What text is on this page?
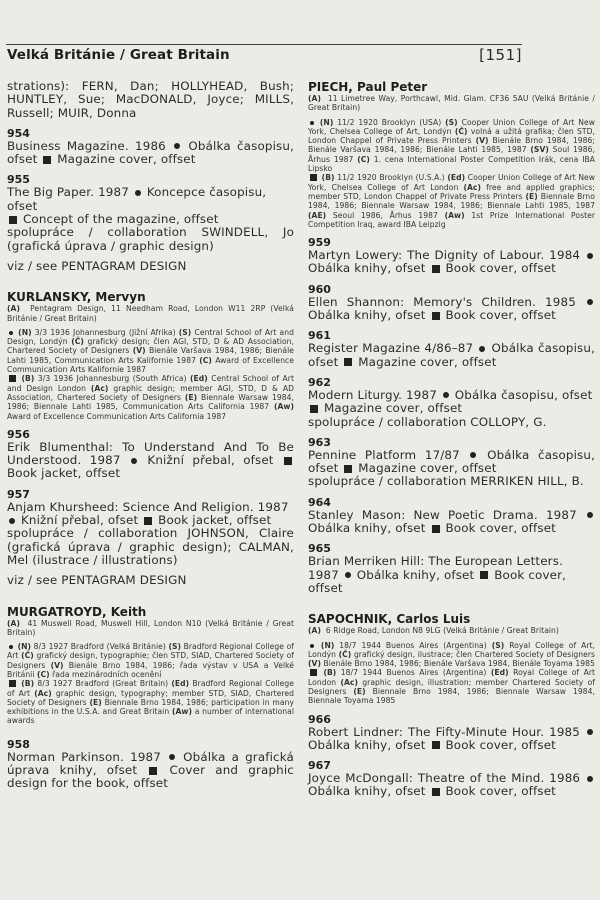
Velká Británie / Great Britain	[151]
strations): FERN, Dan; HOLLYHEAD, Bush; HUNTLEY, Sue; MacDONALD, Joyce; MILLS, Russell; MUIR, Donna
954
Business Magazine. 1986 Obálka časopisu, ofset Magazine cover, offset
955
The Big Paper. 1987 Koncepce časopisu, ofset
Concept of the magazine, offset
spolupráce / collaboration SWINDELL, Jo (grafická úprava / graphic design)
viz / see PENTAGRAM DESIGN
KURLANSKY, Mervyn
(A) Pentagram Design, 11 Needham Road, London W11 2RP (Velká Británie / Great Britain)
(N) 3/3 1936 Johannesburg (Jižní Afrika) (S) Central School of Art and Design, Londýn (Č) grafický design; člen AGI, STD, D & AD Association, Chartered Society of Designers (V) Bienále Varšava 1984, 1986; Bienále Lahti 1985, Communication Arts Kalifornie 1987 (C) Award of Excellence Communication Arts Kalifornie 1987
(B) 3/3 1936 Johannesburg (South Africa) (Ed) Central School of Art and Design London (Ac) graphic design; member AGI, STD, D & AD Association, Chartered Society of Designers (E) Biennale Warsaw 1984, 1986; Biennale Lahti 1985, Communication Arts California 1987 (Aw) Award of Excellence Communication Arts California 1987
956
Erik Blumenthal: To Understand And To Be Understood. 1987 Knižní přebal, ofset  Book jacket, offset
957
Anjam Khursheed: Science And Religion. 1987  Knižní přebal, ofset Book jacket, offset
spolupráce / collaboration JOHNSON, Claire (grafická úprava / graphic design); CALMAN, Mel (ilustrace / illustrations)
viz / see PENTAGRAM DESIGN
MURGATROYD, Keith
(A) 41 Muswell Road, Muswell Hill, London N10 (Velká Británie / Great Britain)
(N) 8/3 1927 Bradford (Velká Británie) (S) Bradford Regional College of Art (Č) grafický design, typographie; člen STD, SIAD, Chartered Society of Designers (V) Bienále Brno 1984, 1986; řada výstav v USA a Velké Británii (C) řada mezinárodních ocenění
(B) 8/3 1927 Bradford (Great Britain) (Ed) Bradford Regional College of Art (Ac) graphic design, typography; member STD, SIAD, Chartered Society of Designers (E) Biennale Brno 1984, 1986; participation in many exhibitions in the U.S.A. and Great Britain (Aw) a number of international awards
958
Norman Parkinson. 1987 Obálka a grafická úprava knihy, ofset	Cover and graphic design for the book, offset
PIECH, Paul Peter
(A) 11 Limetree Way, Porthcawl, Mid. Glam. CF36 5AU (Velká Británie / Great Britain)
(N) 11/2 1920 Brooklyn (USA) (S) Cooper Union College of Art New York, Chelsea College of Art, Londýn (Č) volná a užitá grafika; člen STD, London Chappel of Private Press Printers (V) Bienále Brno 1984, 1986; Bienále Varšava 1984, 1986; Bienále Lahti 1985, 1987 (SV) Soul 1986, Århus 1987 (C) 1. cena International Poster Competition Irák, cena IBA Lipsko
(B) 11/2 1920 Brooklyn (U.S.A.) (Ed) Cooper Union College of Art New York, Chelsea College of Art London (Ac) free and applied graphics; member STD, London Chappel of Private Press Printers (E) Biennale Brno 1984, 1986; Biennale Warsaw 1984, 1986; Biennale Lahti 1985, 1987 (AE) Seoul 1986, Århus 1987 (Aw) 1st Prize International Poster Competition Iraq, award IBA Leipzig
959
Martyn Lowery: The Dignity of Labour. 1984  Obálka knihy, ofset Book cover, offset
960
Ellen Shannon: Memory's Children. 1985  Obálka knihy, ofset Book cover, offset
961
Register Magazine 4/86–87 Obálka časopisu, ofset Magazine cover, offset
962
Modern Liturgy. 1987 Obálka časopisu, ofset
Magazine cover, offset
spolupráce / collaboration COLLOPY, G.
963
Pennine Platform 17/87 Obálka časopisu, ofset Magazine cover, offset
spolupráce / collaboration MERRIKEN HILL, B.
964
Stanley Mason: New Poetic Drama. 1987  Obálka knihy, ofset Book cover, offset
965
Brian Merriken Hill: The European Letters. 1987 Obálka knihy, ofset Book cover, offset
SAPOCHNIK, Carlos Luis
(A) 6 Ridge Road, London N8 9LG (Velká Británie / Great Britain)
(N) 18/7 1944 Buenos Aires (Argentina) (S) Royal College of Art, Londýn (Č) grafický design, ilustrace; člen Chartered Society of Designers (V) Bienále Brno 1984, 1986; Bienále Varšava 1984, Bienále Toyama 1985
(B) 18/7 1944 Buenos Aires (Argentina) (Ed) Royal College of Art London (Ac) graphic design, illustration; member Chartered Society of Designers (E) Biennale Brno 1984, 1986; Biennale Warsaw 1984, Biennale Toyama 1985
966
Robert Lindner: The Fifty-Minute Hour. 1985  Obálka knihy, ofset Book cover, offset
967
Joyce McDongall: Theatre of the Mind. 1986  Obálka knihy, ofset Book cover, offset
